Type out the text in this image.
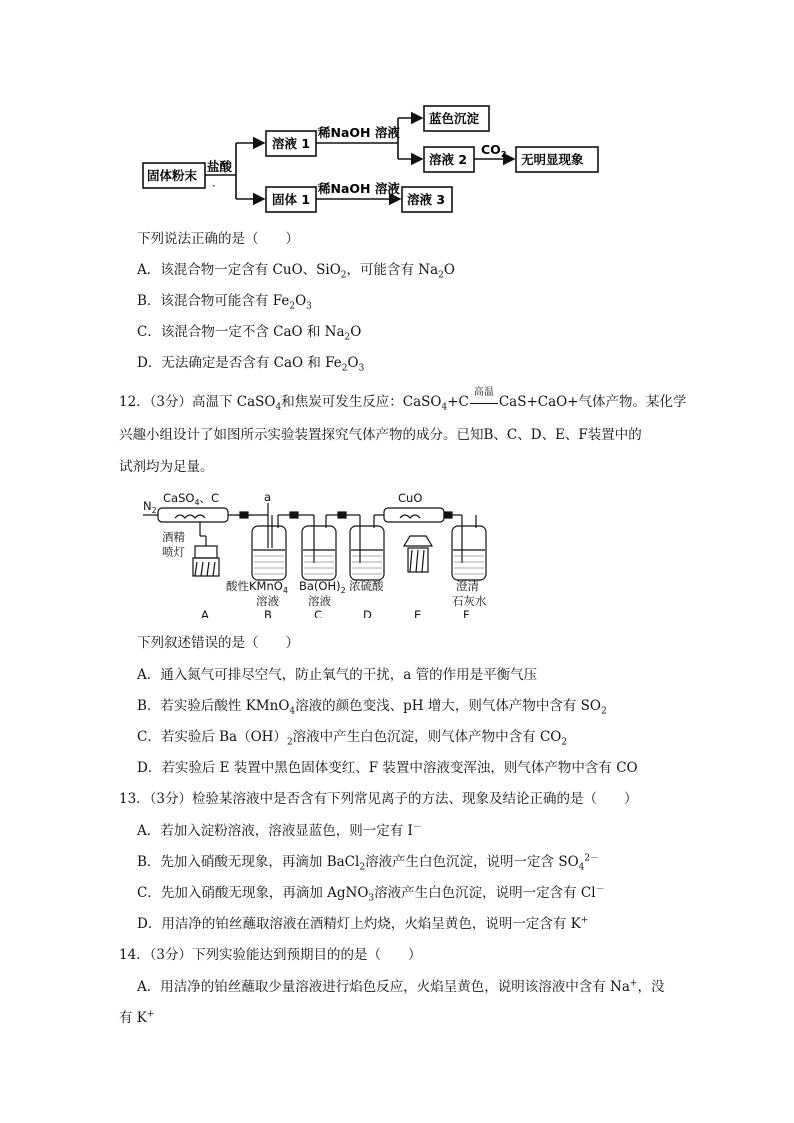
固体粉末
盐酸
·
溶液 1
稀NaOH 溶液
蓝色沉淀
溶液 2
$CO_2$ 无明显现象
固体 1
稀NaOH 溶液
溶液 3
下列说法正确的是（　　）
A．该混合物一定含有 CuO、SiO$_2$，可能含有 $Na_2O$
B．该混合物可能含有 $Fe_2O_3$
C．该混合物一定不含 CaO 和 $Na_2O$
D．无法确定是否含有 CaO 和 $Fe_2O_3$
12．（3分）高温下 CaSO$_4$和焦炭可发生反应：CaSO$_4$+C
高温
CaS+CaO+气体产物。某化学
兴趣小组设计了如图所示实验装置探究气体产物的成分。已知B、C、D、E、F装置中的
试剂均为足量。
$N_2$
CaSO$_4$、C	a	CuO
酒精
喷灯
酸性KMnO$_4$
溶液
$Ba(OH)_2$
溶液
浓硫酸	澄清
石灰水
A	B	C	D	E	F
下列叙述错误的是（　　）
A．通入氮气可排尽空气，防止氧气的干扰，a 管的作用是平衡气压
B．若实验后酸性 KMnO$_4$溶液的颜色变浅、pH 增大，则气体产物中含有 $SO_2$
C．若实验后 $Ba(OH)_2$溶液中产生白色沉淀，则气体产物中含有 $CO_2$
D．若实验后 E 装置中黑色固体变红、F 装置中溶液变浑浊，则气体产物中含有 CO
13．（3分）检验某溶液中是否含有下列常见离子的方法、现象及结论正确的是（　　）
A．若加入淀粉溶液，溶液显蓝色，则一定有 I－
B．先加入硝酸无现象，再滴加 BaCl$_2$溶液产生白色沉淀，说明一定含 $SO_4^{2-}$
C．先加入硝酸无现象，再滴加 AgNO$_3$溶液产生白色沉淀，说明一定含有 Cl－
D．用洁净的铂丝蘸取溶液在酒精灯上灼烧，火焰呈黄色，说明一定含有 K+
14．（3分）下列实验能达到预期目的的是（　　）
A．用洁净的铂丝蘸取少量溶液进行焰色反应，火焰呈黄色，说明该溶液中含有 Na+，没
有 K+
